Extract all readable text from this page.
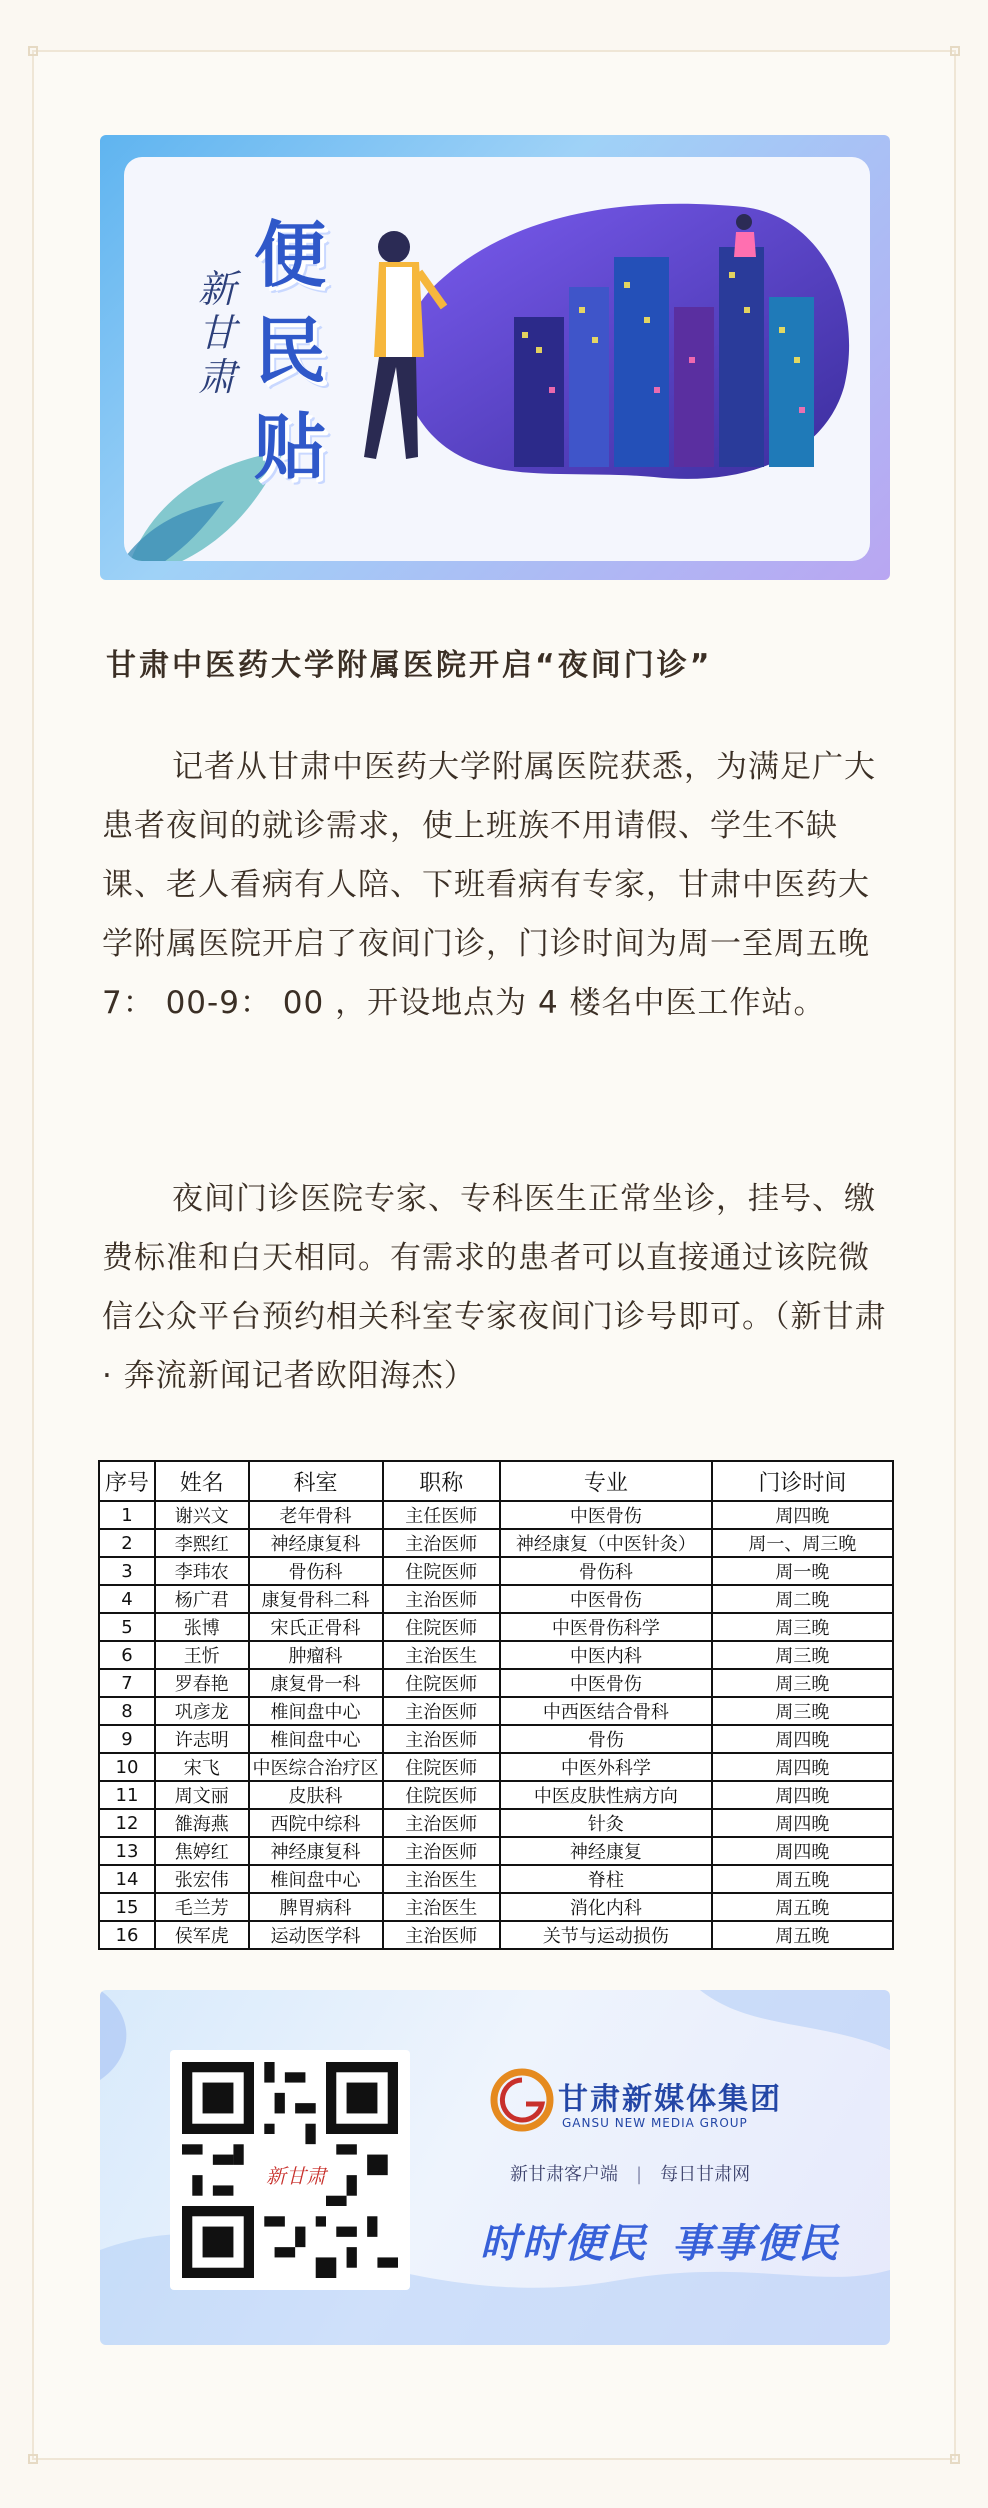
新甘肃
便民贴
甘肃中医药大学附属医院开启“夜间门诊”

记者从甘肃中医药大学附属医院获悉，为满足广大患者夜间的就诊需求，使上班族不用请假、学生不缺课、老人看病有人陪、下班看病有专家，甘肃中医药大学附属医院开启了夜间门诊，门诊时间为周一至周五晚 7： 00-9： 00 ，开设地点为 4 楼名中医工作站。

夜间门诊医院专家、专科医生正常坐诊，挂号、缴费标准和白天相同。有需求的患者可以直接通过该院微信公众平台预约相关科室专家夜间门诊号即可。（新甘肃 · 奔流新闻记者欧阳海杰）

序号	姓名	科室	职称	专业	门诊时间
1	谢兴文	老年骨科	主任医师	中医骨伤	周四晚
2	李熙红	神经康复科	主治医师	神经康复（中医针灸）	周一、周三晚
3	李玮农	骨伤科	住院医师	骨伤科	周一晚
4	杨广君	康复骨科二科	主治医师	中医骨伤	周二晚
5	张博	宋氏正骨科	住院医师	中医骨伤科学	周三晚
6	王忻	肿瘤科	主治医生	中医内科	周三晚
7	罗春艳	康复骨一科	住院医师	中医骨伤	周三晚
8	巩彦龙	椎间盘中心	主治医师	中西医结合骨科	周三晚
9	许志明	椎间盘中心	主治医师	骨伤	周四晚
10	宋飞	中医综合治疗区	住院医师	中医外科学	周四晚
11	周文丽	皮肤科	住院医师	中医皮肤性病方向	周四晚
12	雒海燕	西院中综科	主治医师	针灸	周四晚
13	焦婷红	神经康复科	主治医师	神经康复	周四晚
14	张宏伟	椎间盘中心	主治医生	脊柱	周五晚
15	毛兰芳	脾胃病科	主治医生	消化内科	周五晚
16	侯军虎	运动医学科	主治医师	关节与运动损伤	周五晚
新甘肃
甘肃新媒体集团
GANSU NEW MEDIA GROUP
新甘肃客户端 | 每日甘肃网
时时便民 事事便民
